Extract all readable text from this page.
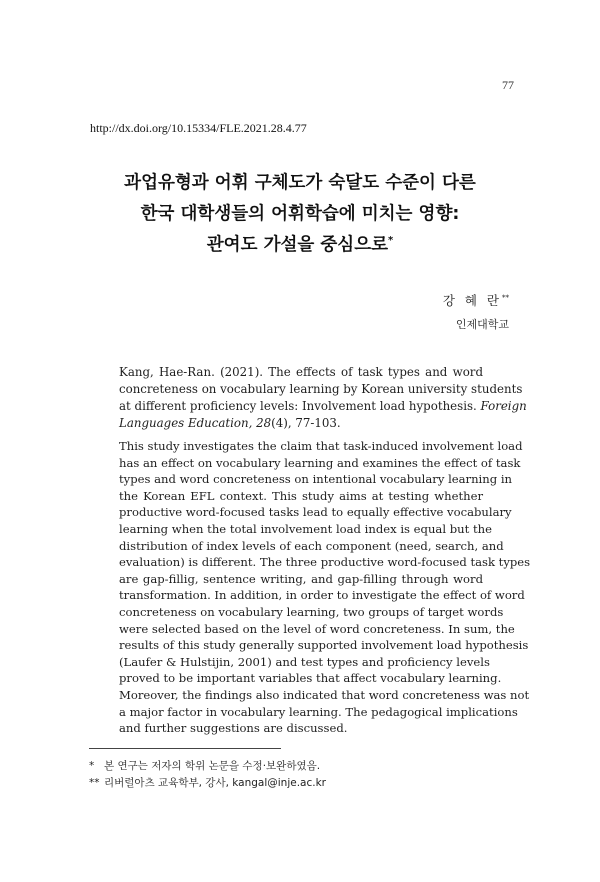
77
http://dx.doi.org/10.15334/FLE.2021.28.4.77
과업유형과 어휘 구체도가 숙달도 수준이 다른
한국 대학생들의 어휘학습에 미치는 영향:
관여도 가설을 중심으로*
강 혜 란**
인제대학교
Kang, Hae-Ran. (2021). The effects of task types and word
concreteness on vocabulary learning by Korean university students
at different proficiency levels: Involvement load hypothesis. Foreign
Languages Education, 28(4), 77-103.
This study investigates the claim that task-induced involvement load
has an effect on vocabulary learning and examines the effect of task
types and word concreteness on intentional vocabulary learning in
the Korean EFL context. This study aims at testing whether
productive word-focused tasks lead to equally effective vocabulary
learning when the total involvement load index is equal but the
distribution of index levels of each component (need, search, and
evaluation) is different. The three productive word-focused task types
are gap-fillig, sentence writing, and gap-filling through word
transformation. In addition, in order to investigate the effect of word
concreteness on vocabulary learning, two groups of target words
were selected based on the level of word concreteness. In sum, the
results of this study generally supported involvement load hypothesis
(Laufer & Hulstijin, 2001) and test types and proficiency levels
proved to be important variables that affect vocabulary learning.
Moreover, the findings also indicated that word concreteness was not
a major factor in vocabulary learning. The pedagogical implications
and further suggestions are discussed.
* 본 연구는 저자의 학위 논문을 수정·보완하였음.
** 리버럴아츠 교육학부, 강사, kangal@inje.ac.kr
